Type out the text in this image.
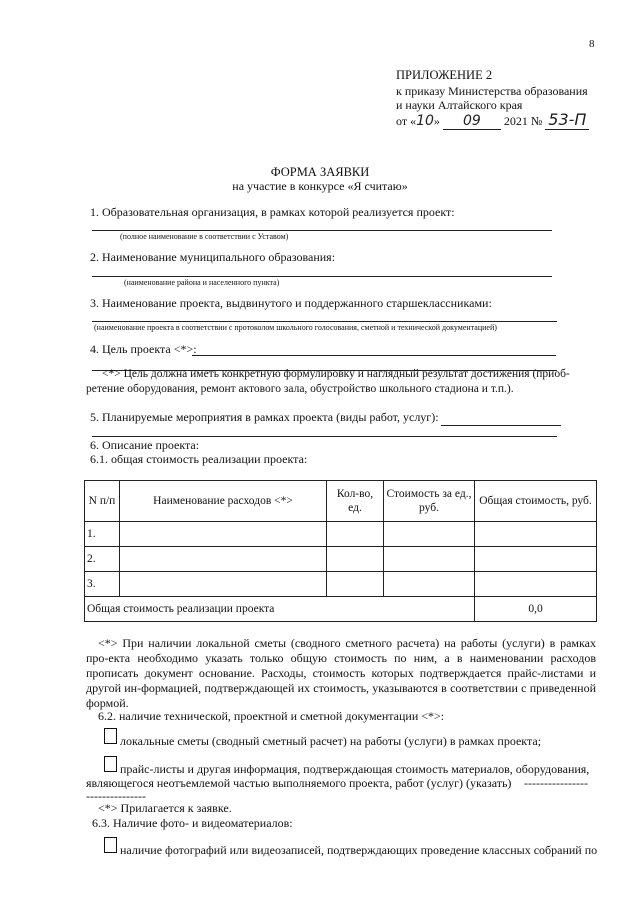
8
ПРИЛОЖЕНИЕ 2
к приказу Министерства образования
и науки Алтайского края
от «10» 09 2021 № 53-П
ФОРМА ЗАЯВКИ
на участие в конкурсе «Я считаю»
1. Образовательная организация, в рамках которой реализуется проект:
(полное наименование в соответствии с Уставом)
2. Наименование муниципального образования:
(наименование района и населенного пункта)
3. Наименование проекта, выдвинутого и поддержанного старшеклассниками:
(наименование проекта в соответствии с протоколом школьного голосования, сметной и технической документацией)
4. Цель проекта <*>:
<*> Цель должна иметь конкретную формулировку и наглядный результат достижения (приоб-
ретение оборудования, ремонт актового зала, обустройство школьного стадиона и т.п.).
5. Планируемые мероприятия в рамках проекта (виды работ, услуг):
6. Описание проекта:
6.1. общая стоимость реализации проекта:
N п/п	Наименование расходов <*>	Кол-во, ед.	Стоимость за ед., руб.	Общая стоимость, руб.
1.				
2.				
3.				
Общая стоимость реализации проекта				0,0
<*> При наличии локальной сметы (сводного сметного расчета) на работы (услуги) в рамках про-екта необходимо указать только общую стоимость по ним, а в наименовании расходов прописать документ основание. Расходы, стоимость которых подтверждается прайс-листами и другой ин-формацией, подтверждающей их стоимость, указываются в соответствии с приведенной формой.
6.2. наличие технической, проектной и сметной документации <*>:
локальные сметы (сводный сметный расчет) на работы (услуги) в рамках проекта;
прайс-листы и другая информация, подтверждающая стоимость материалов, оборудования,
являющегося неотъемлемой частью выполняемого проекта, работ (услуг) (указать) ----------------
---------------
<*> Прилагается к заявке.
6.3. Наличие фото- и видеоматериалов:
наличие фотографий или видеозаписей, подтверждающих проведение классных собраний по
